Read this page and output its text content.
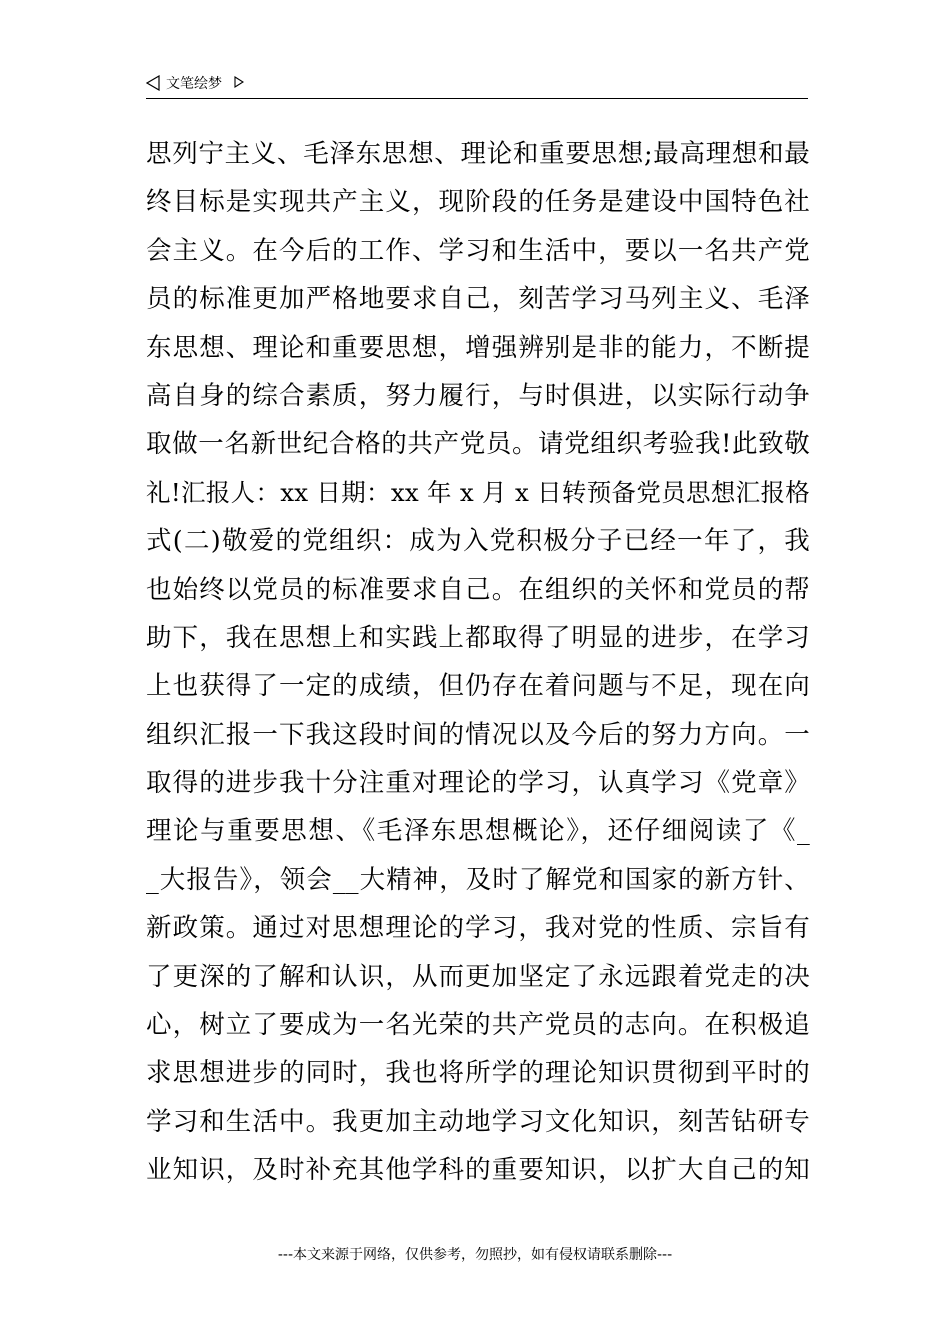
文笔绘梦
思列宁主义、毛泽东思想、理论和重要思想;最高理想和最
终目标是实现共产主义，现阶段的任务是建设中国特色社
会主义。在今后的工作、学习和生活中，要以一名共产党
员的标准更加严格地要求自己，刻苦学习马列主义、毛泽
东思想、理论和重要思想，增强辨别是非的能力，不断提
高自身的综合素质，努力履行，与时俱进，以实际行动争
取做一名新世纪合格的共产党员。请党组织考验我!此致敬
礼!汇报人：xx 日期：xx 年 x 月 x 日转预备党员思想汇报格
式(二)敬爱的党组织：成为入党积极分子已经一年了，我
也始终以党员的标准要求自己。在组织的关怀和党员的帮
助下，我在思想上和实践上都取得了明显的进步，在学习
上也获得了一定的成绩，但仍存在着问题与不足，现在向
组织汇报一下我这段时间的情况以及今后的努力方向。一
取得的进步我十分注重对理论的学习，认真学习《党章》
理论与重要思想、《毛泽东思想概论》，还仔细阅读了《_
_大报告》，领会__大精神，及时了解党和国家的新方针、
新政策。通过对思想理论的学习，我对党的性质、宗旨有
了更深的了解和认识，从而更加坚定了永远跟着党走的决
心，树立了要成为一名光荣的共产党员的志向。在积极追
求思想进步的同时，我也将所学的理论知识贯彻到平时的
学习和生活中。我更加主动地学习文化知识，刻苦钻研专
业知识，及时补充其他学科的重要知识，以扩大自己的知
---本文来源于网络，仅供参考，勿照抄，如有侵权请联系删除---
